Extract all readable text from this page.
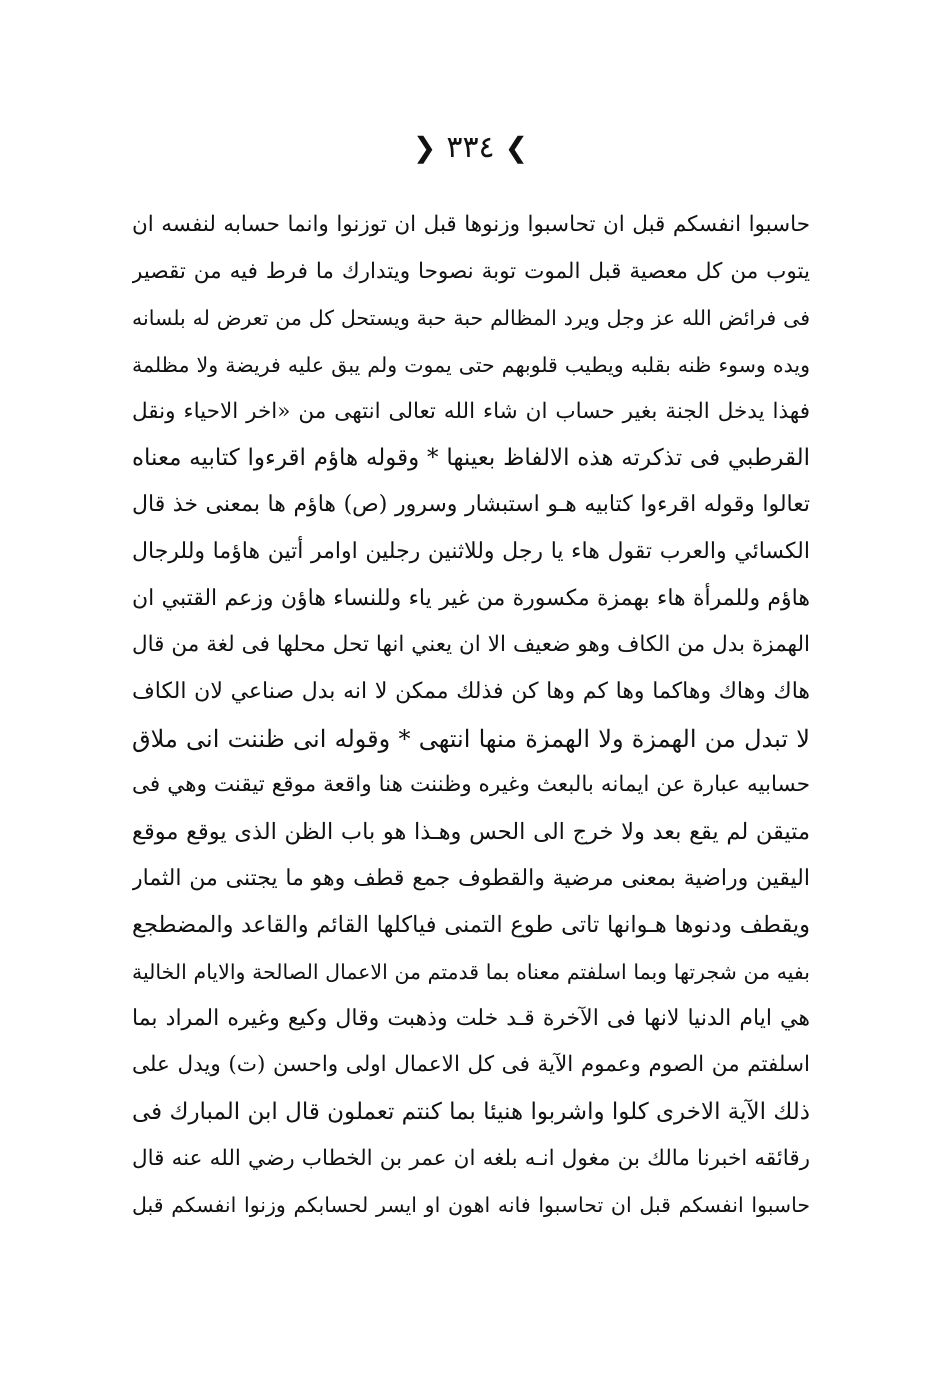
❯ ٣٣٤ ❮
حاسبوا انفسكم قبل ان تحاسبوا وزنوها قبل ان توزنوا وانما حسابه لنفسه ان
يتوب من كل معصية قبل الموت توبة نصوحا ويتدارك ما فرط فيه من تقصير
فى فرائض الله عز وجل ويرد المظالم حبة حبة ويستحل كل من تعرض له بلسانه
ويده وسوء ظنه بقلبه ويطيب قلوبهم حتى يموت ولم يبق عليه فريضة ولا مظلمة
فهذا يدخل الجنة بغير حساب ان شاء الله تعالى انتهى من «اخر الاحياء ونقل
القرطبي فى تذكرته هذه الالفاظ بعينها * وقوله هاؤم اقرءوا كتابيه معناه
تعالوا وقوله اقرءوا كتابيه هـو استبشار وسرور (ص) هاؤم ها بمعنى خذ قال
الكسائي والعرب تقول هاء يا رجل وللاثنين رجلين اوامر أتين هاؤما وللرجال
هاؤم وللمرأة هاء بهمزة مكسورة من غير ياء وللنساء هاؤن وزعم القتبي ان
الهمزة بدل من الكاف وهو ضعيف الا ان يعني انها تحل محلها فى لغة من قال
هاك وهاك وهاكما وها كم وها كن فذلك ممكن لا انه بدل صناعي لان الكاف
لا تبدل من الهمزة ولا الهمزة منها انتهى * وقوله انى ظننت انى ملاق
حسابيه عبارة عن ايمانه بالبعث وغيره وظننت هنا واقعة موقع تيقنت وهي فى
متيقن لم يقع بعد ولا خرج الى الحس وهـذا هو باب الظن الذى يوقع موقع
اليقين وراضية بمعنى مرضية والقطوف جمع قطف وهو ما يجتنى من الثمار
ويقطف ودنوها هـوانها تاتى طوع التمنى فياكلها القائم والقاعد والمضطجع
بفيه من شجرتها وبما اسلفتم معناه بما قدمتم من الاعمال الصالحة والايام الخالية
هي ايام الدنيا لانها فى الآخرة قـد خلت وذهبت وقال وكيع وغيره المراد بما
اسلفتم من الصوم وعموم الآية فى كل الاعمال اولى واحسن (ت) ويدل على
ذلك الآية الاخرى كلوا واشربوا هنيئا بما كنتم تعملون قال ابن المبارك فى
رقائقه اخبرنا مالك بن مغول انـه بلغه ان عمر بن الخطاب رضي الله عنه قال
حاسبوا انفسكم قبل ان تحاسبوا فانه اهون او ايسر لحسابكم وزنوا انفسكم قبل
